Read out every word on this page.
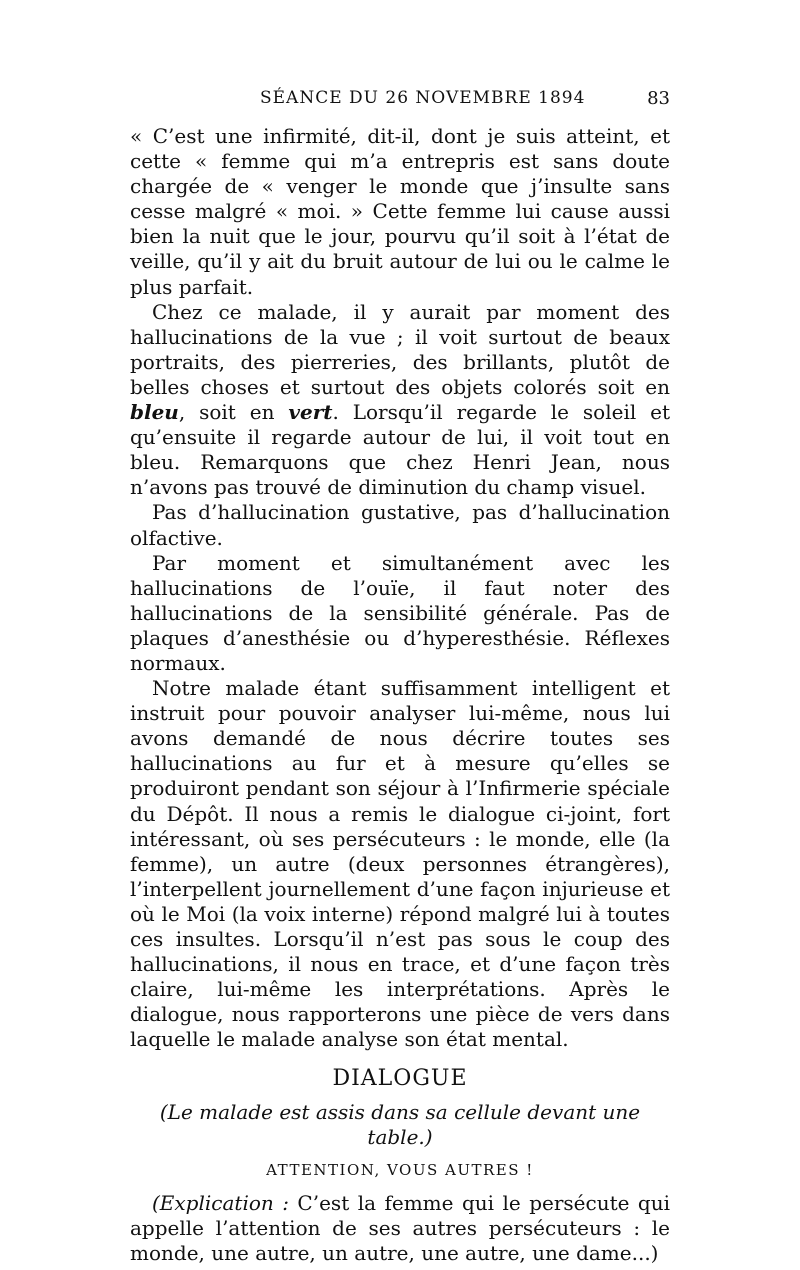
SÉANCE DU 26 NOVEMBRE 1894	83

« C’est une infirmité, dit-il, dont je suis atteint, et cette « femme qui m’a entrepris est sans doute chargée de « venger le monde que j’insulte sans cesse malgré « moi. » Cette femme lui cause aussi bien la nuit que le jour, pourvu qu’il soit à l’état de veille, qu’il y ait du bruit autour de lui ou le calme le plus parfait.

Chez ce malade, il y aurait par moment des hallucinations de la vue ; il voit surtout de beaux portraits, des pierreries, des brillants, plutôt de belles choses et surtout des objets colorés soit en bleu, soit en vert. Lorsqu’il regarde le soleil et qu’ensuite il regarde autour de lui, il voit tout en bleu. Remarquons que chez Henri Jean, nous n’avons pas trouvé de diminution du champ visuel.

Pas d’hallucination gustative, pas d’hallucination olfactive.

Par moment et simultanément avec les hallucinations de l’ouïe, il faut noter des hallucinations de la sensibilité générale. Pas de plaques d’anesthésie ou d’hyperesthésie. Réflexes normaux.

Notre malade étant suffisamment intelligent et instruit pour pouvoir analyser lui-même, nous lui avons demandé de nous décrire toutes ses hallucinations au fur et à mesure qu’elles se produiront pendant son séjour à l’Infirmerie spéciale du Dépôt. Il nous a remis le dialogue ci-joint, fort intéressant, où ses persécuteurs : le monde, elle (la femme), un autre (deux personnes étrangères), l’interpellent journellement d’une façon injurieuse et où le Moi (la voix interne) répond malgré lui à toutes ces insultes. Lorsqu’il n’est pas sous le coup des hallucinations, il nous en trace, et d’une façon très claire, lui-même les interprétations. Après le dialogue, nous rapporterons une pièce de vers dans laquelle le malade analyse son état mental.

DIALOGUE

(Le malade est assis dans sa cellule devant une table.)

ATTENTION, VOUS AUTRES !

(Explication : C’est la femme qui le persécute qui appelle l’attention de ses autres persécuteurs : le monde, une autre, un autre, une autre, une dame...)
